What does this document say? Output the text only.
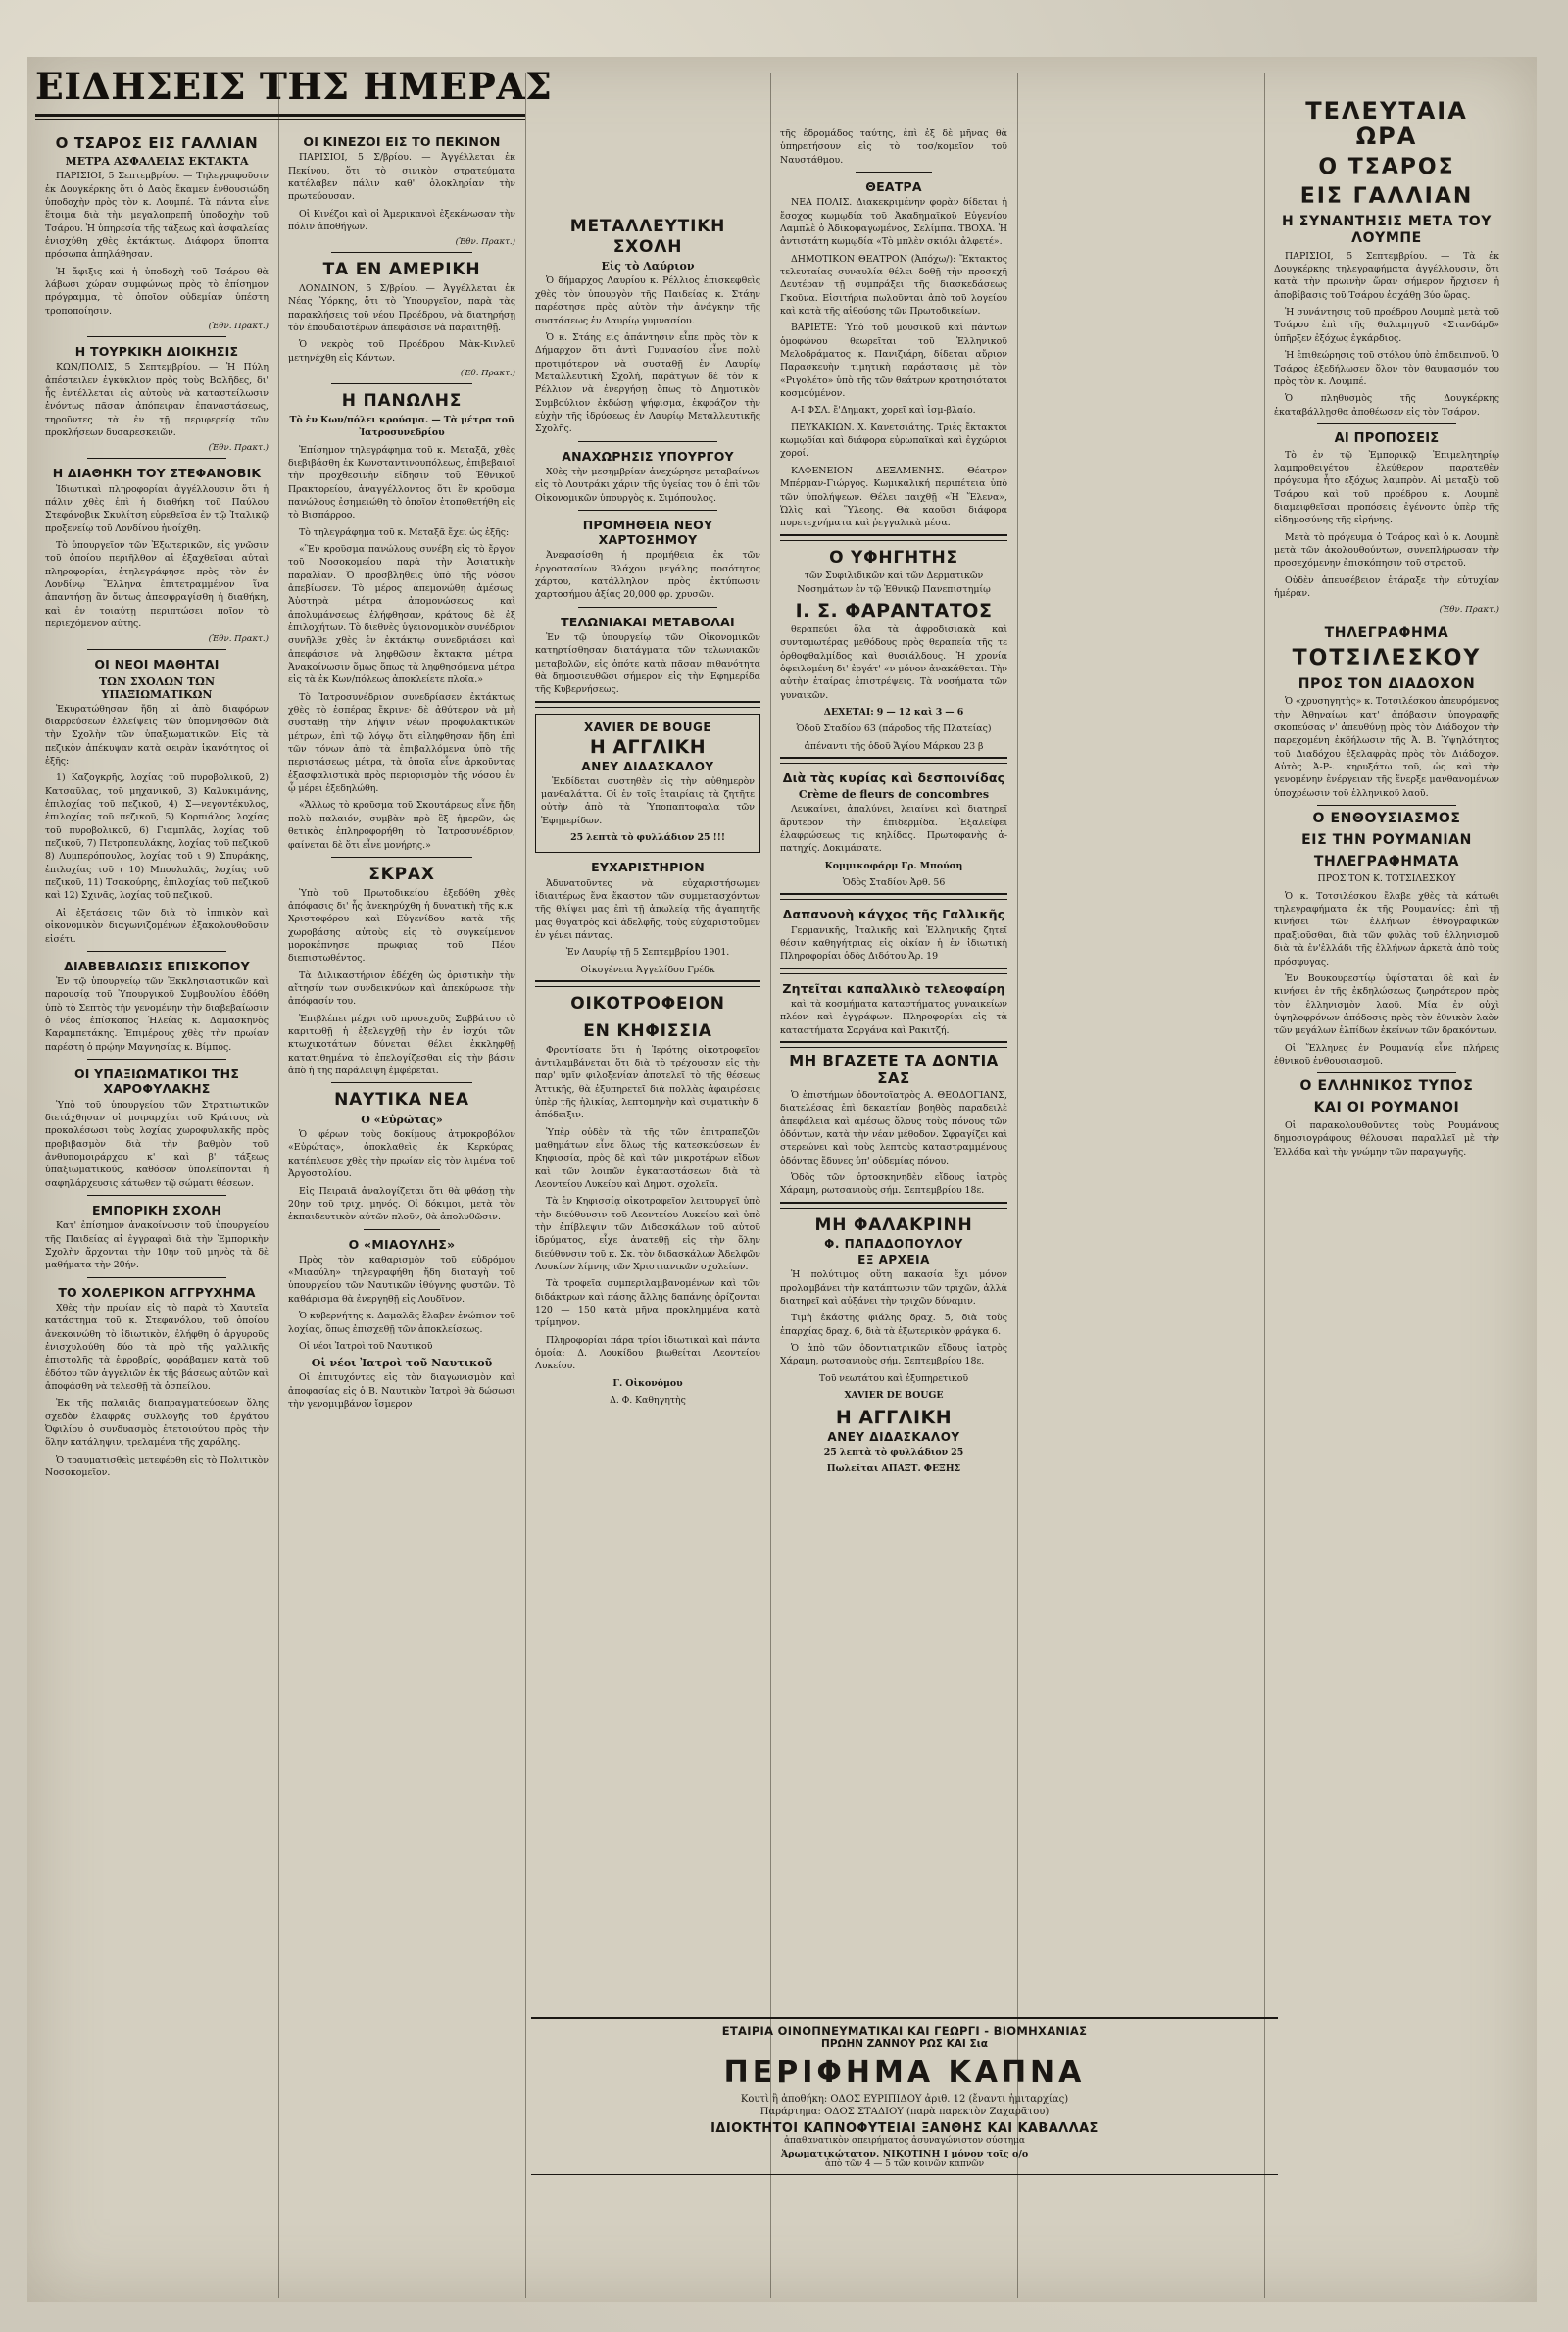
ΕΙΔΗΣΕΙΣ ΤΗΣ ΗΜΕΡΑΣ
Ο ΤΣΑΡΟΣ ΕΙΣ ΓΑΛΛΙΑΝ
ΜΕΤΡΑ ΑΣΦΑΛΕΙΑΣ ΕΚΤΑΚΤΑ

ΠΑΡΙΣΙΟΙ, 5 Σεπτεμβρίου. — Τηλεγραφοῦσιν ἐκ Δουγκέρκης ὅτι ὁ Δαὸς ἔκαμεν ἐνθουσιώδη ὑποδοχὴν πρὸς τὸν κ. Λουμπέ. Τὰ πάντα εἶνε ἕτοιμα διὰ τὴν μεγαλοπρεπῆ ὑποδοχὴν τοῦ Τσάρου. Ἡ ὑπηρεσία τῆς τάξεως καὶ ἀσφαλείας ἐνισχύθη χθὲς ἑκτάκτως. Διάφορα ὕποπτα πρόσωπα ἀπηλάθησαν.

Ἡ ἄφιξις καὶ ἡ ὑποδοχὴ τοῦ Τσάρου θὰ λάβωσι χώραν συμφώνως πρὸς τὸ ἐπίσημον πρόγραμμα, τὸ ὁποῖον οὐδεμίαν ὑπέστη τροποποίησιν.

(Ἐθν. Πρακτ.)

Η ΤΟΥΡΚΙΚΗ ΔΙΟΙΚΗΣΙΣ

ΚΩΝ/ΠΟΛΙΣ, 5 Σεπτεμβρίου. — Ἡ Πύλη ἀπέστειλεν ἐγκύκλιον πρὸς τοὺς Βαλῆδες, δι' ἧς ἐντέλλεται εἰς αὐτοὺς νὰ καταστείλωσιν ἐνόντως πᾶσαν ἀπόπειραν ἐπαναστάσεως, τηροῦντες τὰ ἐν τῇ περιφερείᾳ τῶν προκλήσεων δυσαρεσκειῶν.

(Ἐθν. Πρακτ.)

Η ΔΙΑΘΗΚΗ ΤΟΥ ΣΤΕΦΑΝΟΒΙΚ

Ἰδιωτικαὶ πληροφορίαι ἀγγέλλουσιν ὅτι ἡ πάλιν χθὲς ἐπὶ ἡ διαθήκη τοῦ Παύλου Στεφάνοβικ Σκυλίτση εὑρεθεῖσα ἐν τῷ Ἰταλικῷ προξενείῳ τοῦ Λονδίνου ἠνοίχθη.

Τὸ ὑπουργεῖον τῶν Ἐξωτερικῶν, εἰς γνῶσιν τοῦ ὁποίου περιῆλθον αἱ ἐξαχθεῖσαι αὐταὶ πληροφορίαι, ἐτηλεγράφησε πρὸς τὸν ἐν Λονδίνῳ Ἕλληνα ἐπιτετραμμένον ἵνα ἀπαντήσῃ ἂν ὄντως ἀπεσφραγίσθη ἡ διαθήκη, καὶ ἐν τοιαύτῃ περιπτώσει ποῖον τὸ περιεχόμενον αὐτῆς.

(Ἐθν. Πρακτ.)

ΟΙ ΝΕΟΙ ΜΑΘΗΤΑΙ
ΤΩΝ ΣΧΟΛΩΝ ΤΩΝ ΥΠΑΞΙΩΜΑΤΙΚΩΝ

Ἐκυρατώθησαν ἤδη αἱ ἀπὸ διαφόρων διαρρεύσεων ἐλλείψεις τῶν ὑπομνησθῶν διὰ τὴν Σχολὴν τῶν ὑπαξιωματικῶν. Εἰς τὰ πεζικὸν ἀπέκυψαν κατὰ σειρὰν ἱκανότητος οἱ ἑξῆς:

1) Καζογκρῆς, λοχίας τοῦ πυροβολικοῦ, 2) Κατσαῦλας, τοῦ μηχανικοῦ, 3) Καλυκιμάνης, ἐπιλοχίας τοῦ πεζικοῦ, 4) Σ—νεγοντέκυλος, ἐπιλοχίας τοῦ πεζικοῦ, 5) Κορπιάλος λοχίας τοῦ πυροβολικοῦ, 6) Γιαμπλᾶς, λοχίας τοῦ πεζικοῦ, 7) Πετροπευλάκης, λοχίας τοῦ πεζικοῦ 8) Λυμπερόπουλος, λοχίας τοῦ ι 9) Σπυράκης, ἐπιλοχίας τοῦ ι 10) Μπουλαλᾶς, λοχίας τοῦ πεζικοῦ, 11) Τσακούρης, ἐπιλοχίας τοῦ πεζικοῦ καὶ 12) Σχινᾶς, λοχίας τοῦ πεζικοῦ.

Αἱ ἐξετάσεις τῶν διὰ τὸ ἱππικὸν καὶ οἰκονομικὸν διαγωνιζομένων ἐξακολουθοῦσιν εἰσέτι.

ΔΙΑΒΕΒΑΙΩΣΙΣ ΕΠΙΣΚΟΠΟΥ

Ἐν τῷ ὑπουργείῳ τῶν Ἐκκλησιαστικῶν καὶ παρουσίᾳ τοῦ Ὑπουργικοῦ Συμβουλίου ἐδόθη ὑπὸ τὸ Σεπτὸς τὴν γενομένην τὴν διαβεβαίωσιν ὁ νέος ἐπίσκοπος Ἠλείας κ. Δαμασκηνὸς Καραμπετάκης. Ἐπιμέρους χθὲς τὴν πρωίαν παρέστη ὁ πρῴην Μαγνησίας κ. Βίμπος.

ΟΙ ΥΠΑΞΙΩΜΑΤΙΚΟΙ ΤΗΣ ΧΑΡΟΦΥΛΑΚΗΣ

Ὑπὸ τοῦ ὑπουργείου τῶν Στρατιωτικῶν διετάχθησαν οἱ μοιραρχίαι τοῦ Κράτους νὰ προκαλέσωσι τοὺς λοχίας χωροφυλακῆς πρὸς προβιβασμὸν διὰ τὴν βαθμὸν τοῦ ἀνθυπομοιράρχου κ' καὶ β' τάξεως ὑπαξιωματικούς, καθόσον ὑπολείπονται ἡ σαφηλάρχευσις κάτωθεν τῷ σώματι θέσεων.

ΕΜΠΟΡΙΚΗ ΣΧΟΛΗ

Κατ' ἐπίσημον ἀνακοίνωσιν τοῦ ὑπουργείου τῆς Παιδείας αἱ ἐγγραφαὶ διὰ τὴν Ἐμπορικὴν Σχολὴν ἄρχονται τὴν 10ην τοῦ μηνὸς τὰ δὲ μαθήματα τὴν 20ήν.

ΤΟ ΧΟΛΕΡΙΚΟΝ ΑΓΓΡΥΧΗΜΑ

Χθὲς τὴν πρωίαν εἰς τὸ παρὰ τὸ Χαυτεῖα κατάστημα τοῦ κ. Στεφανόλου, τοῦ ὁποίου ἀνεκοινώθη τὸ ἰδιωτικὸν, ἐλήφθη ὁ ἀργυροῦς ἐνισχυλούθη δύο τὰ πρὸ τῆς γαλλικῆς ἐπιστολῆς τὰ ἐφροβρίς, φοράβαμεν κατὰ τοῦ ἐδότου τῶν ἀγγελιῶν ἐκ τῆς βάσεως αὐτῶν καὶ ἀποφάσθη νὰ τελεσθῇ τὰ ὀσπείλου.

Ἐκ τῆς παλαιᾶς διαπραγματεύσεων ὅλης σχεδὸν ἐλαφρᾶς συλλογῆς τοῦ ἐργάτου Ὀφιλίου ὁ συνδυασμὸς ἐτετοιούτου πρὸς τὴν ὅλην κατάληψιν, τρελαμένα τῆς χαράλης.

Ὁ τραυματισθεὶς μετεφέρθη εἰς τὸ Πολιτικὸν Νοσοκομεῖον.

ΟΙ ΚΙΝΕΖΟΙ ΕΙΣ ΤΟ ΠΕΚΙΝΟΝ

ΠΑΡΙΣΙΟΙ, 5 Σ/βρίου. — Ἀγγέλλεται ἐκ Πεκίνου, ὅτι τὸ σινικὸν στρατεύματα κατέλαβεν πάλιν καθ' ὁλοκληρίαν τὴν πρωτεύουσαν.

Οἱ Κινέζοι καὶ οἱ Ἀμερικανοὶ ἐξεκένωσαν τὴν πόλιν ἀποθήγων.

(Ἐθν. Πρακτ.)

ΤΑ ΕΝ ΑΜΕΡΙΚΗ

ΛΟΝΔΙΝΟΝ, 5 Σ/βρίου. — Ἀγγέλλεται ἐκ Νέας Ὑόρκης, ὅτι τὸ Ὑπουργεῖον, παρὰ τὰς παρακλήσεις τοῦ νέου Προέδρου, νὰ διατηρήσῃ τὸν ἐπουδαιοτέρων ἀπεφάσισε νὰ παραιτηθῇ.

Ὁ νεκρὸς τοῦ Προέδρου Μὰκ-Κινλεϋ μετηνέχθη εἰς Κάντων.

(Ἐθ. Πρακτ.)

Η ΠΑΝΩΛΗΣ

Τὸ ἐν Κων/πόλει κρούσμα. — Τὰ μέτρα τοῦ Ἰατροσυνεδρίου

Ἐπίσημον τηλεγράφημα τοῦ κ. Μεταξᾶ, χθὲς διεβιβάσθη ἐκ Κωνσταντινουπόλεως, ἐπιβεβαιοῖ τὴν προχθεσινὴν εἴδησιν τοῦ Ἐθνικοῦ Πρακτορείου, ἀναγγέλλοντος ὅτι ἓν κροῦσμα πανώλους ἐσημειώθη τὸ ὁποῖον ἐτοποθετήθη εἰς τὸ Βισπάρροο.

Τὸ τηλεγράφημα τοῦ κ. Μεταξᾶ ἔχει ὡς ἑξῆς:

«Ἓν κροῦσμα πανώλους συνέβη εἰς τὸ ἔργον τοῦ Νοσοκομείου παρὰ τὴν Ἀσιατικὴν παραλίαν. Ὁ προσβληθεὶς ὑπὸ τῆς νόσου ἀπεβίωσεν. Τὸ μέρος ἀπεμονώθη ἀμέσως. Ἀὐστηρὰ μέτρα ἀπομονώσεως καὶ ἀπολυμάνσεως ἐλήφθησαν, κράτους δὲ ἐξ ἐπιλοχήτων. Τὸ διεθνὲς ὑγειονομικὸν συνέδριον συνῆλθε χθὲς ἐν ἐκτάκτῳ συνεδριάσει καὶ ἀπεφάσισε νὰ ληφθῶσιν ἔκτακτα μέτρα. Ἀνακοίνωσιν ὅμως ὅπως τὰ ληφθησόμενα μέτρα εἰς τὰ ἐκ Κων/πόλεως ἀποκλείετε πλοῖα.»

Τὸ Ἰατροσυνέδριον συνεδρίασεν ἐκτάκτως χθὲς τὸ ἑσπέρας ἔκρινε· δὲ ἀθύτερον νὰ μὴ συσταθῇ τὴν λήψιν νέων προφυλακτικῶν μέτρων, ἐπὶ τῷ λόγῳ ὅτι εἰληφθησαν ἤδη ἐπὶ τῶν τόνων ἀπὸ τὰ ἐπιβαλλόμενα ὑπὸ τῆς περιστάσεως μέτρα, τὰ ὁποῖα εἶνε ἀρκοῦντας ἐξασφαλιστικὰ πρὸς περιορισμὸν τῆς νόσου ἐν ᾧ μέρει ἐξεδηλώθη.

«Ἄλλως τὸ κροῦσμα τοῦ Σκουτάρεως εἶνε ἤδη πολὺ παλαιόν, συμβὰν πρὸ ἓξ ἡμερῶν, ὡς θετικὰς ἐπληροφορήθη τὸ Ἰατροσυνέδριον, φαίνεται δὲ ὅτι εἶνε μονήρης.»

ΣΚΡΑΧ

Ὑπὸ τοῦ Πρωτοδικείου ἐξεδόθη χθὲς ἀπόφασις δι' ἧς ἀνεκηρύχθη ἡ δυνατικὴ τῆς κ.κ. Χριστοφόρου καὶ Εὐγενίδου κατὰ τῆς χωροβάσης αὐτοὺς εἰς τὸ συγκείμενον μοροκέπνησε πρωφιας τοῦ Πέου διεπιστωθέντος.

Τὰ Διλικαστήριον ἐδέχθη ὡς ὀριστικὴν τὴν αἴτησίν των συνδεικνύων καὶ ἀπεκύρωσε τὴν ἀπόφασίν του.

Ἐπιβλέπει μέχρι τοῦ προσεχοῦς Σαββάτου τὸ καριτωθῇ ἡ ἐξελεγχθῇ τὴν ἐν ἰσχύι τῶν κτωχικοτάτων δύνεται θέλει ἐκκληφθῇ κατατιθημένα τὸ ἐπελογίζεσθαι εἰς τὴν βάσιν ἀπὸ ἡ τῆς παράλειψη ἐμφέρεται.

ΝΑΥΤΙΚΑ ΝΕΑ
Ο «Εὐρώτας»

Ὁ φέρων τοὺς δοκίμους ἀτμοκροβόλον «Εὐρώτας», ὁποκλαθεὶς ἐκ Κερκύρας, κατέπλευσε χθὲς τὴν πρωίαν εἰς τὸν λιμένα τοῦ Ἀργοστολίου.

Εἰς Πειραιᾶ ἀναλογίζεται ὅτι θὰ φθάσῃ τὴν 20ην τοῦ τριχ. μηνός. Οἱ δόκιμοι, μετὰ τὸν ἐκπαιδευτικὸν αὐτῶν πλοῦν, θὰ ἀπολυθῶσιν.

Ο «ΜΙΑΟΥΛΗΣ»

Πρὸς τὸν καθαρισμὸν τοῦ εὐδρόμου «Μιαούλη» τηλεγραφήθη ἤδη διαταγὴ τοῦ ὑπουργείου τῶν Ναυτικῶν ἰθύγνης φυστῶν. Τὸ καθάρισμα θὰ ἐνεργηθῇ εἰς Λουδῖνον.

Ὁ κυβερνήτης κ. Δαμαλᾶς ἔλαβεν ἐνώπιον τοῦ λοχίας, ὅπως ἐπισχεθῇ τῶν ἀποκλείσεως.

Οἱ νέοι Ἰατροὶ τοῦ Ναυτικοῦ

Οἱ νέοι Ἰατροὶ τοῦ Ναυτικοῦ

Οἱ ἐπιτυχόντες εἰς τὸν διαγωνισμὸν καὶ ἀποφασίας εἰς ὁ Β. Ναυτικὸν Ἰατροὶ θὰ δώσωσι τὴν γενομιμβάνον ἴσμερον

ΜΕΤΑΛΛΕΥΤΙΚΗ ΣΧΟΛΗ
Εἰς τὸ Λαύριον

Ὁ δήμαρχος Λαυρίου κ. Ρέλλιος ἐπισκεφθεὶς χθὲς τὸν ὑπουργὸν τῆς Παιδείας κ. Στάην παρέστησε πρὸς αὐτὸν τὴν ἀνάγκην τῆς συστάσεως ἐν Λαυρίῳ γυμνασίου.

Ὁ κ. Στάης εἰς ἀπάντησιν εἶπε πρὸς τὸν κ. Δήμαρχον ὅτι ἀντὶ Γυμνασίου εἶνε πολὺ προτιμότερον νὰ συσταθῇ ἐν Λαυρίῳ Μεταλλευτικὴ Σχολή, παράτγων δὲ τὸν κ. Ρέλλιον νὰ ἐνεργήσῃ ὅπως τὸ Δημοτικὸν Συμβούλιον ἐκδώσῃ ψήφισμα, ἐκφράζον τὴν εὐχὴν τῆς ἱδρύσεως ἐν Λαυρίῳ Μεταλλευτικῆς Σχολῆς.

ΑΝΑΧΩΡΗΣΙΣ ΥΠΟΥΡΓΟΥ

Χθὲς τὴν μεσημβρίαν ἀνεχώρησε μεταβαίνων εἰς τὸ Λουτράκι χάριν τῆς ὑγείας του ὁ ἐπὶ τῶν Οἰκονομικῶν ὑπουργὸς κ. Σιμόπουλος.

ΠΡΟΜΗΘΕΙΑ ΝΕΟΥ ΧΑΡΤΟΣΗΜΟΥ

Ἀνεφασίσθη ἡ προμήθεια ἐκ τῶν ἐργοστασίων Βλάχου μεγάλης ποσότητος χάρτου, κατάλληλον πρὸς ἐκτύπωσιν χαρτοσήμου ἀξίας 20,000 φρ. χρυσῶν.

ΤΕΛΩΝΙΑΚΑΙ ΜΕΤΑΒΟΛΑΙ

Ἐν τῷ ὑπουργείῳ τῶν Οἰκονομικῶν κατηρτίσθησαν διατάγματα τῶν τελωνιακῶν μεταβολῶν, εἰς ὁπότε κατὰ πᾶσαν πιθανότητα θὰ δημοσιευθῶσι σήμερον εἰς τὴν Ἐφημερίδα τῆς Κυβερνήσεως.

XAVIER DE BOUGE
Η ΑΓΓΛΙΚΗ
ΑΝΕΥ ΔΙΔΑΣΚΑΛΟΥ

Ἐκδίδεται συστηθὲν εἰς τὴν αὐθημερὸν μανθαλάττα. Οἱ ἐν τοῖς ἑταιρίαις τὰ ζητῆτε οὐτὴν ἀπὸ τὰ Ὑποπαπτοφαλα τῶν Ἐφημερίδων.

25 λεπτὰ τὸ φυλλάδιον 25 !!!

ΕΥΧΑΡΙΣΤΗΡΙΟΝ

Ἀδυνατοῦντες νὰ εὐχαριστήσωμεν ἰδιαιτέρως ἕνα ἕκαστον τῶν συμμετασχόντων τῆς θλίψει μας ἐπὶ τῇ ἀπωλείᾳ τῆς ἀγαπητῆς μας θυγατρὸς καὶ ἀδελφῆς, τοὺς εὐχαριστοῦμεν ἐν γένει πάντας.

Ἐν Λαυρίῳ τῇ 5 Σεπτεμβρίου 1901.

Οἰκογένεια Ἀγγελίδου Γρέδκ

ΟΙΚΟΤΡΟΦΕΙΟΝ
ΕΝ ΚΗΦΙΣΣΙΑ

Φροντίσατε ὅτι ἡ Ἱερότης οἰκοτροφεῖον ἀντιλαμβάνεται ὅτι διὰ τὸ τρέχουσαν εἰς τὴν παρ' ὑμῖν φιλοξενίαν ἀποτελεῖ τὸ τῆς θέσεως Ἀττικῆς, θὰ ἐξυπηρετεῖ διὰ πολλὰς ἀφαιρέσεις ὑπὲρ τῆς ἡλικίας, λεπτομηνὴν καὶ συματικὴν δ' ἀπόδειξιν.

Ὑπὲρ οὐδὲν τὰ τῆς τῶν ἐπιτραπεζῶν μαθημάτων εἶνε ὅλως τῆς κατεσκεύσεων ἐν Κηφισσία, πρὸς δὲ καὶ τῶν μικροτέρων εἴδων καὶ τῶν λοιπῶν ἐγκαταστάσεων διὰ τὰ Λεοντείου Λυκείου καὶ Δημοτ. σχολεῖα.

Τὰ ἐν Κηφισσίᾳ οἰκοτροφεῖον λειτουργεῖ ὑπὸ τὴν διεύθυνσιν τοῦ Λεοντείου Λυκείου καὶ ὑπὸ τὴν ἐπίβλεψιν τῶν Διδασκάλων τοῦ αὐτοῦ ἱδρύματος, εἶχε ἀνατεθῇ εἰς τὴν ὅλην διεύθυνσιν τοῦ κ. Σκ. τὸν διδασκάλων Ἀδελφῶν Λουκίων λίμνης τῶν Χριστιανικῶν σχολείων.

Τὰ τροφεῖα συμπεριλαμβανομένων καὶ τῶν διδάκτρων καὶ πάσης ἄλλης δαπάνης ὁρίζονται 120 — 150 κατὰ μῆνα προκλημμένα κατὰ τρίμηνον.

Πληροφορίαι πάρα τρίοι ἰδιωτικαὶ καὶ πάντα ὁμοία: Δ. Λουκίδου βιωθείται Λεοντείου Λυκείου.

Γ. Οἰκονόμου

Δ. Φ. Καθηγητὴς

τῆς ἑδρομάδος ταύτης, ἐπὶ ἐξ δὲ μῆνας θὰ ὑπηρετήσουν εἰς τὸ τοσ/κομεῖον τοῦ Ναυστάθμου.

ΘΕΑΤΡΑ

ΝΕΑ ΠΟΛΙΣ. Διακεκριμένην φορὰν δίδεται ἡ ἔσοχος κωμῳδία τοῦ Ἀκαδημαϊκοῦ Εὐγενίου Λαμπλὲ ὁ Ἀδικοφαγωμένος, Σελίμπα. ΤΒΟΧΑ. Ἡ ἀντιστάτη κωμῳδία «Τὸ μπλὲν σκιόλι ἀλφετέ».

ΔΗΜΟΤΙΚΟΝ ΘΕΑΤΡΟΝ (Ἀπόχω/): Ἔκτακτος τελευταίας συναυλία θέλει δοθῇ τὴν προσεχῆ Δευτέραν τῇ συμπράξει τῆς διασκεδάσεως Γκοῦνα. Εἰσιτήρια πωλοῦνται ἀπὸ τοῦ λογείου καὶ κατὰ τῆς αἰθούσης τῶν Πρωτοδικείων.

ΒΑΡΙΕΤΕ: Ὑπὸ τοῦ μουσικοῦ καὶ πάντων ὁμοφώνου θεωρεῖται τοῦ Ἑλληνικοῦ Μελοδράματος κ. Πανιζιάρη, δίδεται αὔριον Παρασκευὴν τιμητικὴ παράστασις μὲ τὸν «Ριγολέτο» ὑπὸ τῆς τῶν θεάτρων κρατησιότατοι κοσμούμένον.

Α-Ι ΦΣΛ. ἔ'Δημακτ, χορεῖ καὶ ἱσμ-βλαίο.

ΠΕΥΚΑΚΙΩΝ. Χ. Κανετσιάτης. Τριὲς ἔκτακτοι κωμῳδίαι καὶ διάφορα εὐρωπαϊκαὶ καὶ ἐγχώριοι χοροί.

ΚΑΦΕΝΕΙΟΝ ΔΕΞΑΜΕΝΗΣ. Θέατρον Μπέρμαν-Γιώργος. Κωμικαλική περιπέτεια ὑπὸ τῶν ὑπολήψεων. Θέλει παιχθῇ «Ἡ Ἕλενα», Ὡλὶς καὶ Ὕλεοης. Θὰ καοῦσι διάφορα πυρετεχνήματα καὶ ῥεγγαλικὰ μέσα.

Ο ΥΦΗΓΗΤΗΣ

τῶν Συφιλιδικῶν καὶ τῶν Δερματικῶν Νοσημάτων ἐν τῷ Ἐθνικῷ Πανεπιστημίῳ

Ι. Σ. ΦΑΡΑΝΤΑΤΟΣ

θεραπεύει ὅλα τὰ ἀφροδισιακὰ καὶ συντομωτέρας μεθόδους πρὸς θεραπεία τῆς τε ὀρθοφθαλμίδος καὶ θυσιάλδους. Ἡ χρονία ὀφειλομένη δι' ἐργάτ' «ν μόνον ἀνακάθεται. Τὴν αὐτὴν ἑταίρας ἐπιστρέψεις. Τὰ νοσήματα τῶν γυναικῶν.

ΔΕΧΕΤΑΙ: 9 — 12 καὶ 3 — 6

Ὁδοῦ Σταδίου 63 (πάροδος τῆς Πλατείας)

ἀπέναντι τῆς ὁδοῦ Ἄγίου Μάρκου 23 β

Διὰ τὰς κυρίας καὶ δεσποινίδας
Crème de fleurs de concombres

Λευκαίνει, ἀπαλύνει, λειαίνει καὶ διατηρεῖ ἄρυτερον τὴν ἐπιδερμίδα. Ἐξαλείφει ἐλαφρώσεως τις κηλίδας. Πρωτοφανὴς ἀ-πατηχίς. Δοκιμάσατε.

Κομμικοφάρμ Γρ. Μπούση

Ὁδὸς Σταδίου Ἀρθ. 56

Δαπανονὴ κάγχος τῆς Γαλλικῆς

Γερμανικῆς, Ἰταλικῆς καὶ Ἑλληνικῆς ζητεῖ θέσιν καθηγήτριας εἰς οἰκίαν ἡ ἐν ἰδιωτικὴ Πληροφορίαι ὁδὸς Διδότου Ἀρ. 19

Ζητεῖται καπαλλικὸ τελεοφαίρη

καὶ τὰ κοσμήματα καταστήματος γυναικείων πλέον καὶ ἐγγράφων. Πληροφορίαι εἰς τὰ καταστήματα Σαργάνα καὶ Ρακιτζή.

ΜΗ ΒΓΑΖΕΤΕ ΤΑ ΔΟΝΤΙΑ ΣΑΣ

Ὁ ἐπιστήμων ὀδοντοϊατρὸς Α. ΘΕΟΔΟΓΙΑΝΣ, διατελέσας ἐπὶ δεκαετίαν βοηθὸς παραδειλὲ ἀπεφάλεια καὶ ἀμέσως ὅλους τοὺς πόνους τῶν ὀδόντων, κατὰ τὴν νέαν μέθοδον. Σφραγίζει καὶ στερεώνει καὶ τοὺς λεπτοὺς καταστραμμένους ὀδόντας ἔδυνες ὑπ' οὐδεμίας πόνου.

Ὁδὸς τῶν ὁρτοσκηνηδὲν εἴδους ἰατρὸς Χάραμη, ρωτσανιοὺς σήμ. Σεπτεμβρίου 18ε.

ΜΗ ΦΑΛΑΚΡΙΝΗ
Φ. ΠΑΠΑΔΟΠΟΥΛΟΥ
ΕΞ ΑΡΧΕΙΑ

Ἡ πολύτιμος οὕτη πακασία ἔχι μόνον προλαμβάνει τὴν κατάπτωσιν τῶν τριχῶν, ἀλλὰ διατηρεῖ καὶ αὐξάνει τὴν τριχῶν δύναμιν.

Τιμὴ ἑκάστης φιάλης δραχ. 5, διὰ τοὺς ἐπαρχίας δραχ. 6, διὰ τὰ ἐξωτερικὸν φράγκα 6.

Ὁ ἀπὸ τῶν ὀδοντιατρικῶν εἴδους ἰατρὸς Χάραμη, ρωτσανιοὺς σήμ. Σεπτεμβρίου 18ε.

Τοῦ νεωτάτου καὶ ἐξυπηρετικοῦ

XAVIER DE BOUGE

Η ΑΓΓΛΙΚΗ
ΑΝΕΥ ΔΙΔΑΣΚΑΛΟΥ

25 λεπτὰ τὸ φυλλάδιον 25

Πωλεῖται ΑΠΑΞΤ. ΦΕΞΗΣ

ΤΕΛΕΥΤΑΙΑ ΩΡΑ
Ο ΤΣΑΡΟΣ
ΕΙΣ ΓΑΛΛΙΑΝ
Η ΣΥΝΑΝΤΗΣΙΣ ΜΕΤΑ ΤΟΥ ΛΟΥΜΠΕ

ΠΑΡΙΣΙΟΙ, 5 Σεπτεμβρίου. — Τὰ ἐκ Δουγκέρκης τηλεγραφήματα ἀγγέλλουσιν, ὅτι κατὰ τὴν πρωινὴν ὥραν σήμερον ἤρχισεν ἡ ἀποβίβασις τοῦ Τσάρου ἐσχάθῃ 3ύο ὥρας.

Ἡ συνάντησις τοῦ προέδρου Λουμπὲ μετὰ τοῦ Τσάρου ἐπὶ τῆς θαλαμηγοῦ «Στανδάρδ» ὑπῆρξεν ἐξόχως ἐγκάρδιος.

Ἡ ἐπιθεώρησις τοῦ στόλου ὑπὸ ἐπιδειπνοῦ. Ὁ Τσάρος ἐξεδήλωσεν ὅλον τὸν θαυμασμόν του πρὸς τὸν κ. Λουμπέ.

Ὁ πληθυσμὸς τῆς Δουγκέρκης ἐκαταβάλλῃσθα ἀποθέωσεν εἰς τὸν Τσάρον.

ΑΙ ΠΡΟΠΟΣΕΙΣ

Τὸ ἐν τῷ Ἐμπορικῷ Ἐπιμελητηρίῳ λαμπροθειγέτου ἐλεύθερον παρατεθὲν πρόγευμα ἦτο ἐξόχως λαμπρὸν. Αἱ μεταξὺ τοῦ Τσάρου καὶ τοῦ προέδρου κ. Λουμπὲ διαμειφθεῖσαι προπόσεις ἐγένοντο ὑπὲρ τῆς εἰδημοσύνης τῆς εἰρήνης.

Μετὰ τὸ πρόγευμα ὁ Τσάρος καὶ ὁ κ. Λουμπὲ μετὰ τῶν ἀκολουθούντων, συνεπλήρωσαν τὴν προσεχόμενην ἐπισκόπησιν τοῦ στρατοῦ.

Οὐδὲν ἀπευσέβειον ἐτάραξε τὴν εὐτυχίαν ἡμέραν.

(Ἐθν. Πρακτ.)

ΤΗΛΕΓΡΑΦΗΜΑ
ΤΟΤΣΙΛΕΣΚΟΥ
ΠΡΟΣ ΤΟΝ ΔΙΑΔΟΧΟΝ

Ὁ «χρυσηγητὴς» κ. Τοτσιλέσκου ἀπευρόμενος τὴν Ἀθηναίων κατ' ἀπόβασιν ὑπογραφῆς σκοπεύσας ν' ἀπευθύνῃ πρὸς τὸν Διάδοχον τὴν παρεχομένη ἐκδήλωσιν τῆς Ἀ. Β. Ὑψηλότητος τοῦ Διαδόχου ἐξελαφρὰς πρὸς τὸν Διάδοχον. Αὐτὸς Ἀ-Ρ-. κηρυξάτω τοῦ, ὡς καὶ τὴν γενομένην ἐνέργειαν τῆς ἕνερξε μανθανομένων ὑποχρέωσιν τοῦ ἑλληνικοῦ λαοῦ.

Ο ΕΝΘΟΥΣΙΑΣΜΟΣ
ΕΙΣ ΤΗΝ ΡΟΥΜΑΝΙΑΝ
ΤΗΛΕΓΡΑΦΗΜΑΤΑ

ΠΡΟΣ ΤΟΝ Κ. ΤΟΤΣΙΛΕΣΚΟΥ

Ὁ κ. Τοτσιλέσκου ἔλαβε χθὲς τὰ κάτωθι τηλεγραφήματα ἐκ τῆς Ρουμανίας: ἐπὶ τῇ κινήσει τῶν ἑλλήνων ἐθνογραφικῶν πραξιοῦσθαι, διὰ τῶν φυλὰς τοῦ ἑλληνισμοῦ διὰ τὰ ἐν'ἑλλάδι τῆς ἐλλήνων ἀρκετὰ ἀπὸ τοὺς πρόσφυγας.

Ἐν Βουκουρεστίῳ ὑφίσταται δὲ καὶ ἐν κινήσει ἐν τῆς ἐκδηλώσεως ζωηρότερον πρὸς τὸν ἑλληνισμὸν λαοῦ. Μία ἐν οὐχὶ ὑψηλοφρόνων ἀπόδοσις πρὸς τὸν ἐθνικὸν λαὸν τῶν μεγάλων ἐλπίδων ἐκείνων τῶν δρακόντων.

Οἱ Ἕλληνες ἐν Ρουμανίᾳ εἶνε πλήρεις ἐθνικοῦ ἐνθουσιασμοῦ.

Ο ΕΛΛΗΝΙΚΟΣ ΤΥΠΟΣ
ΚΑΙ ΟΙ ΡΟΥΜΑΝΟΙ

Οἱ παρακολουθοῦντες τοὺς Ρουμάνους δημοσιογράφους θέλουσαι παραλλεῖ μὲ τὴν Ἑλλάδα καὶ τὴν γνώμην τῶν παραγωγῆς.

ΕΤΑΙΡΙΑ ΟΙΝΟΠΝΕΥΜΑΤΙΚΑΙ ΚΑΙ ΓΕΩΡΓΙ - ΒΙΟΜΗΧΑΝΙΑΣ
ΠΡΩΗΝ ΖΑΝΝΟΥ ΡΩΣ ΚΑΙ Σια
ΠΕΡΙΦΗΜΑ ΚΑΠΝΑ
Κουτὶ ἢ ἀποθήκη: ΟΔΟΣ ΕΥΡΙΠΙΔΟΥ ἀριθ. 12 (ἔναντι ἡμιταρχίας)
Παράρτημα: ΟΔΟΣ ΣΤΑΔΙΟΥ (παρὰ παρεκτὸν Ζαχαρᾶτου)
ΙΔΙΟΚΤΗΤΟΙ ΚΑΠΝΟΦΥΤΕΙΑΙ ΞΑΝΘΗΣ ΚΑΙ ΚΑΒΑΛΛΑΣ
ἀπαθανατικὸν σπειρήματος ἀσυναγώνιστον σύστημα
Ἀρωματικώτατον. ΝΙΚΟΤΙΝΗ Ι μόνον τοῖς ο/ο
ἀπὸ τῶν 4 — 5 τῶν κοινῶν καπνῶν
